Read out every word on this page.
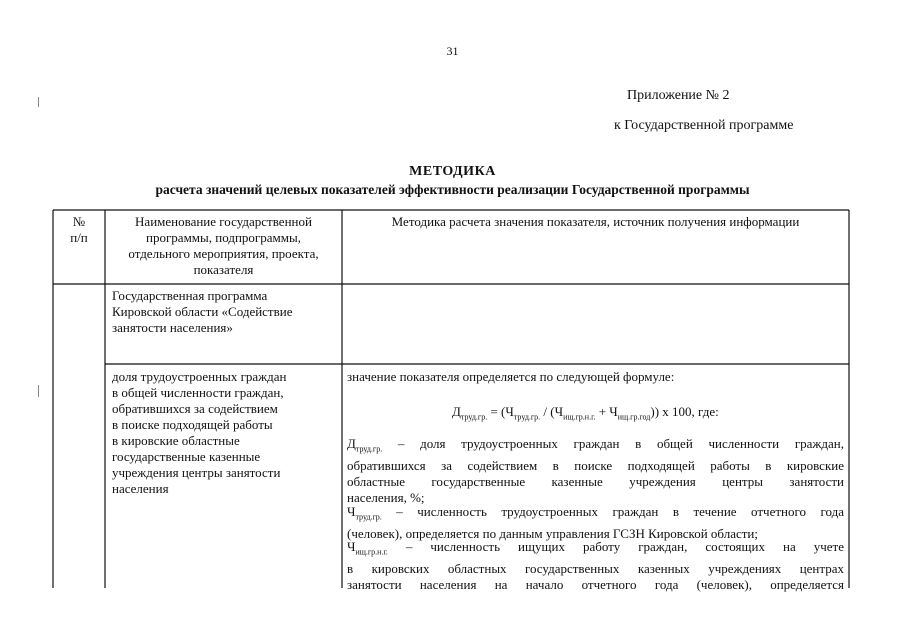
31
Приложение № 2
к Государственной программе
МЕТОДИКА
расчета значений целевых показателей эффективности реализации Государственной программы
№
п/п
Наименование государственной
программы, подпрограммы,
отдельного мероприятия, проекта,
показателя
Методика расчета значения показателя, источник получения информации
Государственная программа
Кировской области «Содействие
занятости населения»
доля трудоустроенных граждан
в общей численности граждан,
обратившихся за содействием
в поиске подходящей работы
в кировские областные
государственные казенные
учреждения центры занятости
населения
значение показателя определяется по следующей формуле:
$Д_{труд.гр.} = (Ч_{труд.гр.} / (Ч_{ищ.гр.н.г.} + Ч_{ищ.гр.год}))$ х 100, где:
$Д_{труд.гр.}$ – доля трудоустроенных граждан в общей численности граждан,
обратившихся за содействием в поиске подходящей работы в кировские
областные государственные казенные учреждения центры занятости
населения, %;
$Ч_{труд.гр.}$ – численность трудоустроенных граждан в течение отчетного года
(человек), определяется по данным управления ГСЗН Кировской области;
$Ч_{ищ.гр.н.г.}$ – численность ищущих работу граждан, состоящих на учете
в кировских областных государственных казенных учреждениях центрах
занятости населения на начало отчетного года (человек), определяется
